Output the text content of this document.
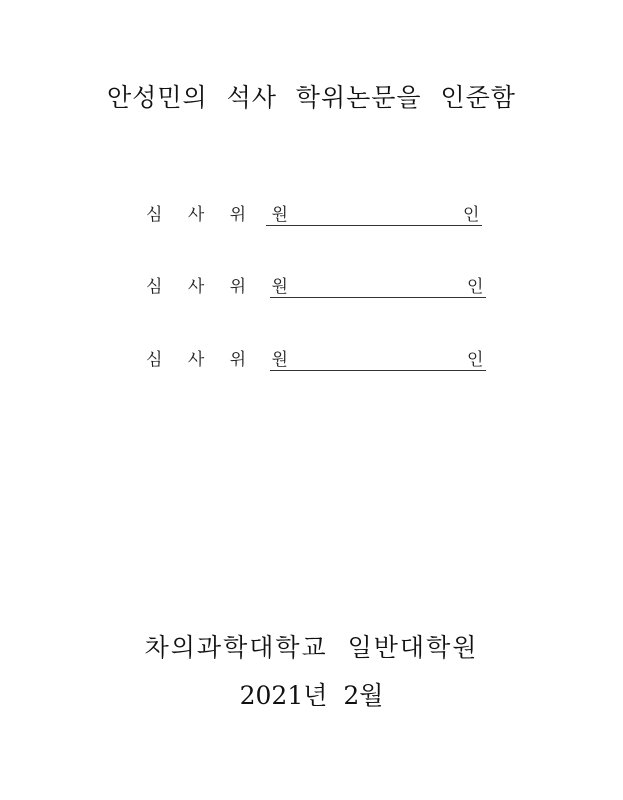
안성민의 석사 학위논문을 인준함
심 사 위 원	인
심 사 위 원	인
심 사 위 원	인
차의과학대학교 일반대학원
2021년 2월
